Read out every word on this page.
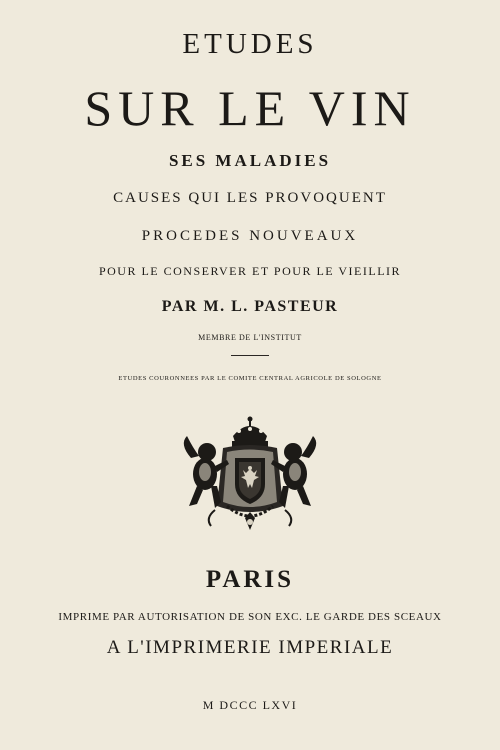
ETUDES
SUR LE VIN
SES MALADIES
CAUSES QUI LES PROVOQUENT
PROCEDES NOUVEAUX
POUR LE CONSERVER ET POUR LE VIEILLIR
PAR M. L. PASTEUR
MEMBRE DE L'INSTITUT
ETUDES COURONNEES PAR LE COMITE CENTRAL AGRICOLE DE SOLOGNE
PARIS
IMPRIME PAR AUTORISATION DE SON EXC. LE GARDE DES SCEAUX
A L'IMPRIMERIE IMPERIALE
M DCCC LXVI
